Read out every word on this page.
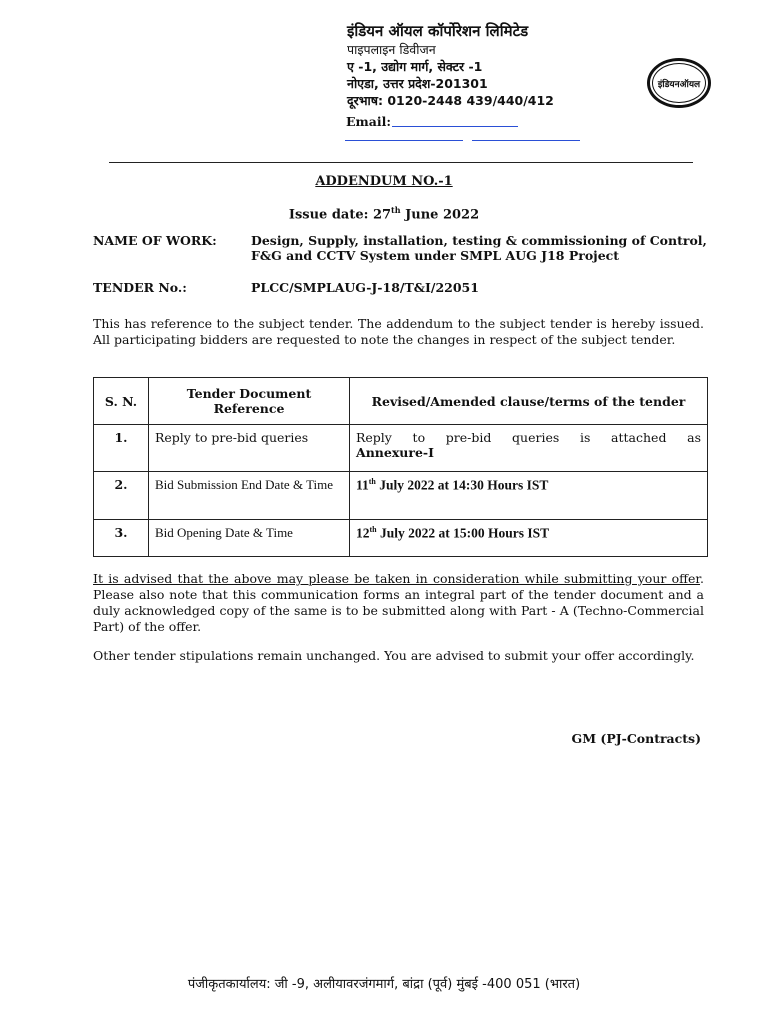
इंडियन ऑयल कॉर्पोरेशन लिमिटेड
पाइपलाइन डिवीजन
ए -1, उद्योग मार्ग, सेक्टर -1
नोएडा, उत्तर प्रदेश-201301
दूरभाष: 0120-2448 439/440/412
Email:
इंडियनऑयल
ADDENDUM NO.-1
Issue date: 27th June 2022
NAME OF WORK:	Design, Supply, installation, testing & commissioning of Control, F&G and CCTV System under SMPL AUG J18 Project
TENDER No.:	PLCC/SMPLAUG-J-18/T&I/22051
This has reference to the subject tender. The addendum to the subject tender is hereby issued. All participating bidders are requested to note the changes in respect of the subject tender.
S. N.	Tender Document Reference	Revised/Amended clause/terms of the tender
1.	Reply to pre-bid queries	Reply to pre-bid queries is attached as
Annexure-I
2.	Bid Submission End Date & Time	11th July 2022 at 14:30 Hours IST
3.	Bid Opening Date & Time	12th July 2022 at 15:00 Hours IST
It is advised that the above may please be taken in consideration while submitting your offer. Please also note that this communication forms an integral part of the tender document and a duly acknowledged copy of the same is to be submitted along with Part - A (Techno-Commercial Part) of the offer.
Other tender stipulations remain unchanged. You are advised to submit your offer accordingly.
GM (PJ-Contracts)
पंजीकृतकार्यालय: जी -9, अलीयावरजंगमार्ग, बांद्रा (पूर्व) मुंबई -400 051 (भारत)
